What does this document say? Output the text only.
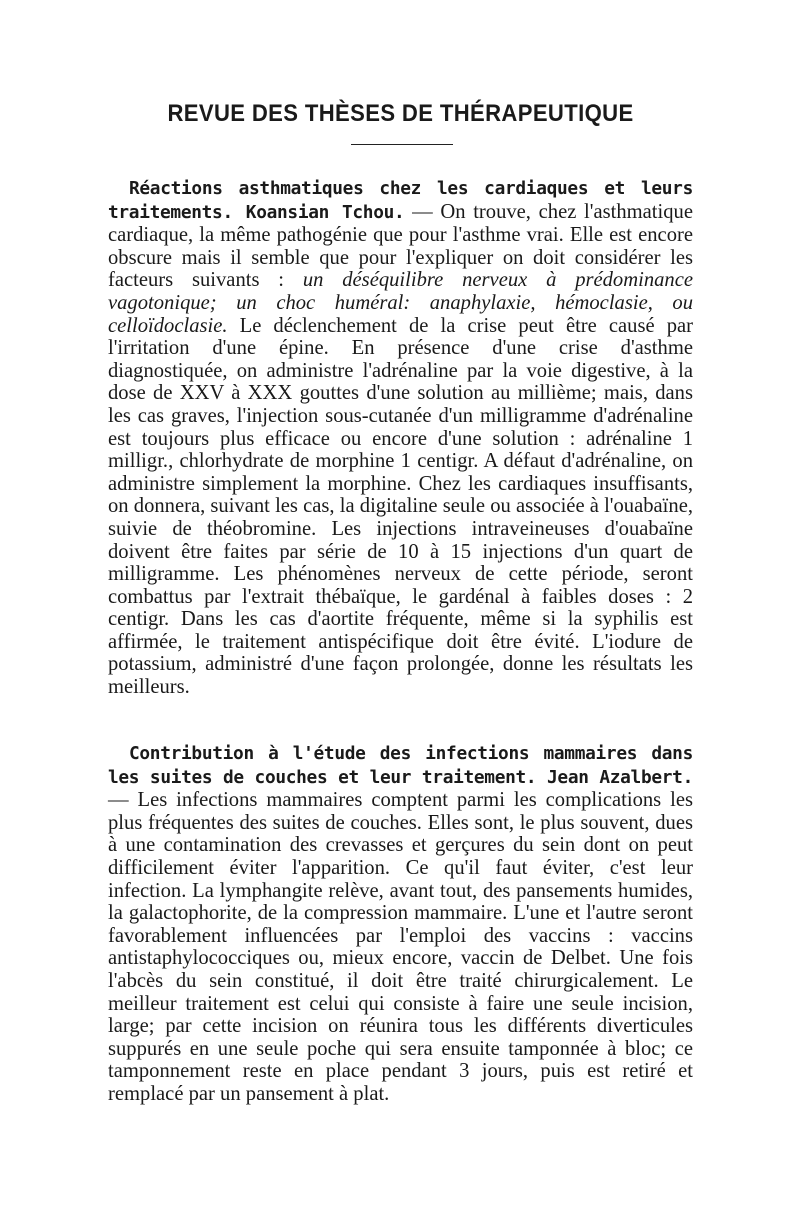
REVUE DES THÈSES DE THÉRAPEUTIQUE

Réactions asthmatiques chez les cardiaques et leurs traitements. Koansian Tchou. — On trouve, chez l'asthmatique cardiaque, la même pathogénie que pour l'asthme vrai. Elle est encore obscure mais il semble que pour l'expliquer on doit considérer les facteurs suivants : un déséquilibre nerveux à prédominance vagotonique; un choc huméral: anaphylaxie, hémoclasie, ou celloïdoclasie. Le déclenchement de la crise peut être causé par l'irritation d'une épine. En présence d'une crise d'asthme diagnostiquée, on administre l'adrénaline par la voie digestive, à la dose de XXV à XXX gouttes d'une solution au millième; mais, dans les cas graves, l'injection sous-cutanée d'un milligramme d'adrénaline est toujours plus efficace ou encore d'une solution : adrénaline 1 milligr., chlorhydrate de morphine 1 centigr. A défaut d'adrénaline, on administre simplement la morphine. Chez les cardiaques insuffisants, on donnera, suivant les cas, la digitaline seule ou associée à l'ouabaïne, suivie de théobromine. Les injections intraveineuses d'ouabaïne doivent être faites par série de 10 à 15 injections d'un quart de milligramme. Les phénomènes nerveux de cette période, seront combattus par l'extrait thébaïque, le gardénal à faibles doses : 2 centigr. Dans les cas d'aortite fréquente, même si la syphilis est affirmée, le traitement antispécifique doit être évité. L'iodure de potassium, administré d'une façon prolongée, donne les résultats les meilleurs.

Contribution à l'étude des infections mammaires dans les suites de couches et leur traitement. Jean Azalbert. — Les infections mammaires comptent parmi les complications les plus fréquentes des suites de couches. Elles sont, le plus souvent, dues à une contamination des crevasses et gerçures du sein dont on peut difficilement éviter l'apparition. Ce qu'il faut éviter, c'est leur infection. La lymphangite relève, avant tout, des pansements humides, la galactophorite, de la compression mammaire. L'une et l'autre seront favorablement influencées par l'emploi des vaccins : vaccins antistaphylococciques ou, mieux encore, vaccin de Delbet. Une fois l'abcès du sein constitué, il doit être traité chirurgicalement. Le meilleur traitement est celui qui consiste à faire une seule incision, large; par cette incision on réunira tous les différents diverticules suppurés en une seule poche qui sera ensuite tamponnée à bloc; ce tamponnement reste en place pendant 3 jours, puis est retiré et remplacé par un pansement à plat.
